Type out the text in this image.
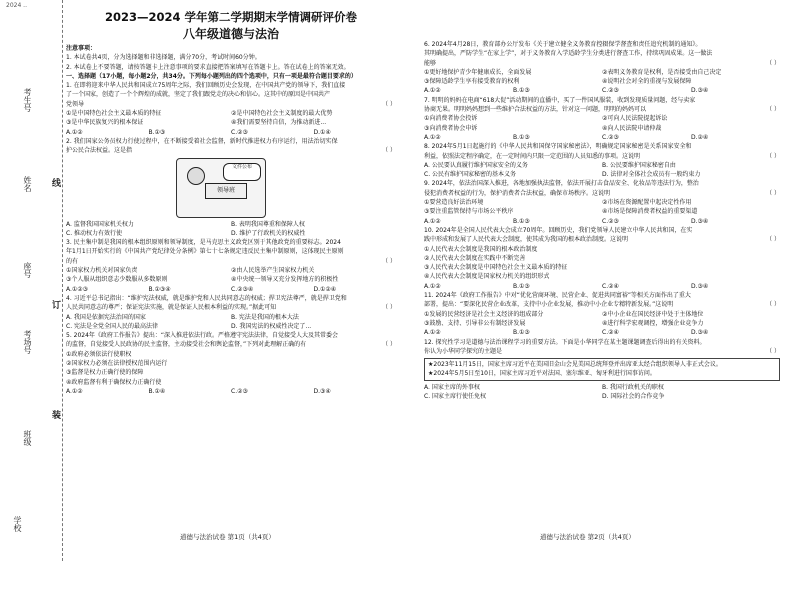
2024 ..
考生号
姓名
座号
考场号
班级
学校
线
订
装
2023—2024 学年第二学期期末学情调研评价卷
八年级道德与法治

注意事项：

1. 本试卷共4页，分为选择题和非选择题，满分70分，考试时间60分钟。

2. 本试卷上不要答题，请按答题卡上注意事项的要求直接把答案填写在答题卡上。答在试卷上的答案无效。

一、选择题（17小题，每小题2分，共34分。下列每小题列出的四个选项中，只有一项是最符合题目要求的）

1. 在即将迎来中华人民共和国成立75周年之际，我们回顾历史会发现，在中国共产党的领导下，我们直接

了一个国家，创造了一个个辉煌的成就，坚定了我们跟党走的决心和信心。这其中的原因是中国共产

党领导	（ ）
①是中国特色社会主义最本质的特征	②是中国特色社会主义制度的最大优势
③是中华民族复兴的根本保证	④我们需要坚持自信，为推动新进...
A.①②	B.①③	C.②③	D.①④

2. 我们国家公务员权力行使过程中，在不断接受着社会监督，新时代推进权力有序运行，用法治切实保

护公民合法权益。这是指	（ ）
文件公布
领导班
A. 监督我国国家机关权力	B. 表明我国尊重和保障人权
C. 推动权力有效行使	D. 维护了行政机关的权威性

3. 民主集中制是我国的根本组织原则和领导制度，是马克思主义政党区别于其他政党的重要标志。2024

年1月1日开始实行的《中国共产党纪律处分条例》第七十七条规定违反民主集中制原则，这体现民主原则

的有	（ ）
①国家权力机关对国家负责	②由人民选举产生国家权力机关
③个人服从组织意志少数服从多数原则	④中央统一领导又充分发挥地方的积极性
A.①②③	B.①③④	C.②③④	D.①②④

4. 习近平总书记指出：“维护宪法权威，就是维护党和人民共同意志的权威；捍卫宪法尊严，就是捍卫党和

人民共同意志的尊严；保证宪法实施，就是保证人民根本利益的实现。”据此可知	（ ）
A. 我国是依据宪法治国的国家	B. 宪法是我国的根本大法
C. 宪法是全党全国人民的最高法律	D. 我国宪法的权威性决定了...

5. 2024年《政府工作报告》提出：“深入推进依法行政。严格遵守宪法法律，自觉接受人大及其常委会

的监督，自觉接受人民政协的民主监督，主动接受社会和舆论监督，”下列对此理解正确的有	（ ）

①政府必须依法行使职权

②国家权力必须在法律授权范围内运行

③监督是权力正确行使的保障

④政府监督有利于确保权力正确行使

A.①②	B.①④	C.②③	D.③④
道德与法治试卷 第1页（共4页）

6. 2024年4月28日，教育部办公厅发布《关于建立健全义务教育控辍保学督查和责任追究机制的通知》。

其明确提出，严防学生“在家上学”，对于义务教育入学适龄学生分类进行督查工作，持续巩固成果。这一做法

能够	（ ）
①更好地保护青少年健康成长，全面发展	②表明义务教育是权利，是否接受由自己决定
③保障适龄学生享有接受教育的权利	④说明社会对全的重视与发展保障
A.①②	B.①③	C.②③	D.③④

7. 明明的妈妈在电商“618大促”活动期间的直播中，买了一件国风服装，收到发现质量问题，经与卖家

协商无果。明明妈妈想到一些维护合法权益的方法，针对这一问题，明明的妈妈可以	（ ）
①向消费者协会投诉	②可向人民法院提起诉讼
③向消费者协会申诉	④向人民法院申请仲裁
A.①②	B.①③	C.②③	D.②④

8. 2024年5月1日起施行的《中华人民共和国保守国家秘密法》，明确规定国家秘密是关系国家安全和

利益，依照法定程序确定，在一定时间内只限一定范围的人员知悉的事项。这说明	（ ）
A. 公民要认真履行维护国家安全的义务	B. 公民要维护国家秘密自由
C. 公民有维护国家秘密的基本义务	D. 法律对全体社会成员有一般约束力

9. 2024年，依法治国深入推进，各地加强执法监督，依法开展打击食品安全、化妆品等违法行为，整治

侵犯消费者权益的行为，保护消费者合法权益，确保市场秩序。这说明	（ ）
①要营造良好法治环境	②市场在资源配置中起决定性作用
③要注重监管保持与市场公平秩序	④市场是保障消费者权益的重要渠道
A.①②	B.①③	C.②③	D.③④

10. 2024年是全国人民代表大会成立70周年。回顾历史，我们党领导人民建立中华人民共和国，在实

践中形成和发展了人民代表大会制度，使其成为我国的根本政治制度。这说明	（ ）

①人民代表大会制度是我国的根本政治制度

②人民代表大会制度在实践中不断完善

③人民代表大会制度是中国特色社会主义最本质的特征

④人民代表大会制度是国家权力机关的组织形式

A.①②	B.①③	C.②④	D.③④

11. 2024年《政府工作报告》中对“优化营商环境、民营企业、促进共同富裕”等相关方面作出了重大

部署，提出：“要深化民营企业改革，支持中小企业发展，推动中小企业专精特新发展。”这说明	（ ）
①发展的民营经济是社会主义经济的组成部分	②中小企业在国民经济中处于主体地位
③鼓励、支持、引导非公有制经济发展	④进行科学宏观调控，增强企业竞争力
A.①②	B.①③	C.②④	D.③④

12. 探究性学习是道德与法治课程学习的重要方法。下面是小华同学在某主题课题调查后得出的有关资料。

你认为小华同学探究的主题是	（ ）

★2023年11月15日，国家主席习近平在美国旧金山会见美国总统拜登并出席亚太经合组织领导人非正式会议。

★2024年5月5日至10日，国家主席习近平对法国、塞尔维亚、匈牙利进行国事访问。

A. 国家主席的外事权	B. 我国行政机关的职权
C. 国家主席行使任免权	D. 国际社会的合作竞争
道德与法治试卷 第2页（共4页）
